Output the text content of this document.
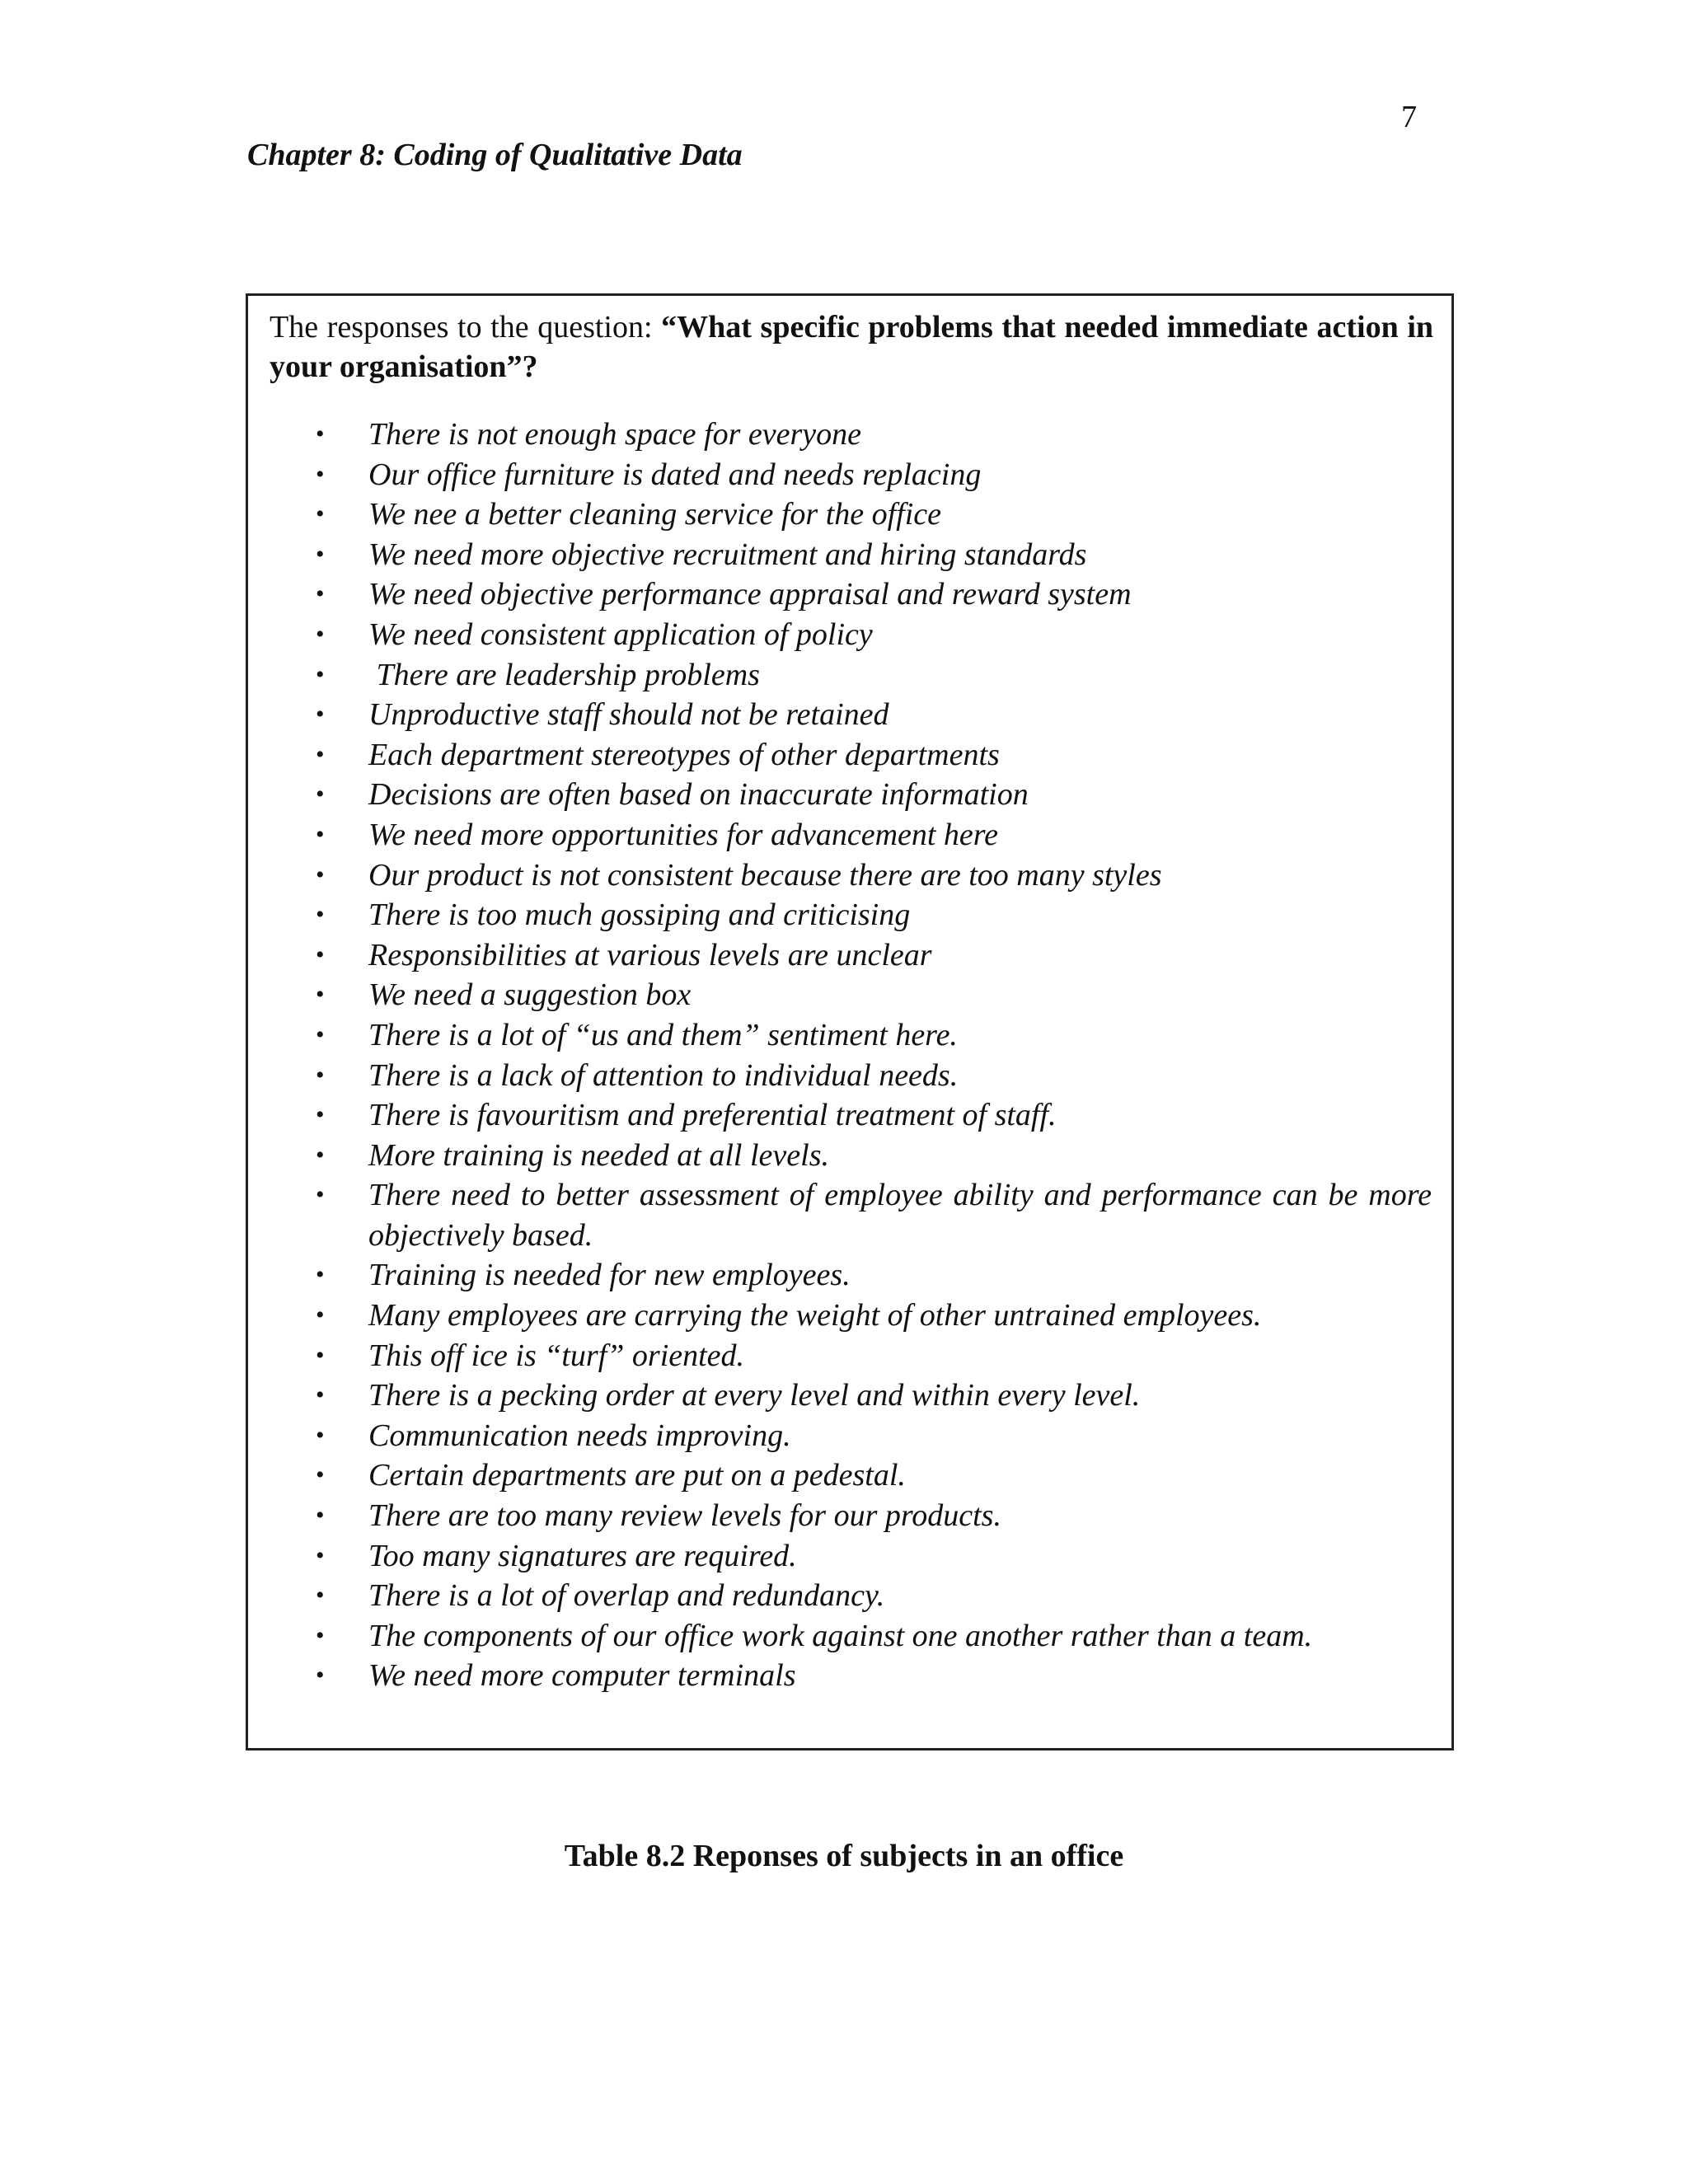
7
Chapter 8: Coding of Qualitative Data
The responses to the question: “What specific problems that needed immediate action in your organisation”?
• There is not enough space for everyone
• Our office furniture is dated and needs replacing
• We nee a better cleaning service for the office
• We need more objective recruitment and hiring standards
• We need objective performance appraisal and reward system
• We need consistent application of policy
• There are leadership problems
• Unproductive staff should not be retained
• Each department stereotypes of other departments
• Decisions are often based on inaccurate information
• We need more opportunities for advancement here
• Our product is not consistent because there are too many styles
• There is too much gossiping and criticising
• Responsibilities at various levels are unclear
• We need a suggestion box
• There is a lot of “us and them” sentiment here.
• There is a lack of attention to individual needs.
• There is favouritism and preferential treatment of staff.
• More training is needed at all levels.
• There need to better assessment of employee ability and performance can be more objectively based.
• Training is needed for new employees.
• Many employees are carrying the weight of other untrained employees.
• This off ice is “turf” oriented.
• There is a pecking order at every level and within every level.
• Communication needs improving.
• Certain departments are put on a pedestal.
• There are too many review levels for our products.
• Too many signatures are required.
• There is a lot of overlap and redundancy.
• The components of our office work against one another rather than a team.
• We need more computer terminals
Table 8.2 Reponses of subjects in an office
